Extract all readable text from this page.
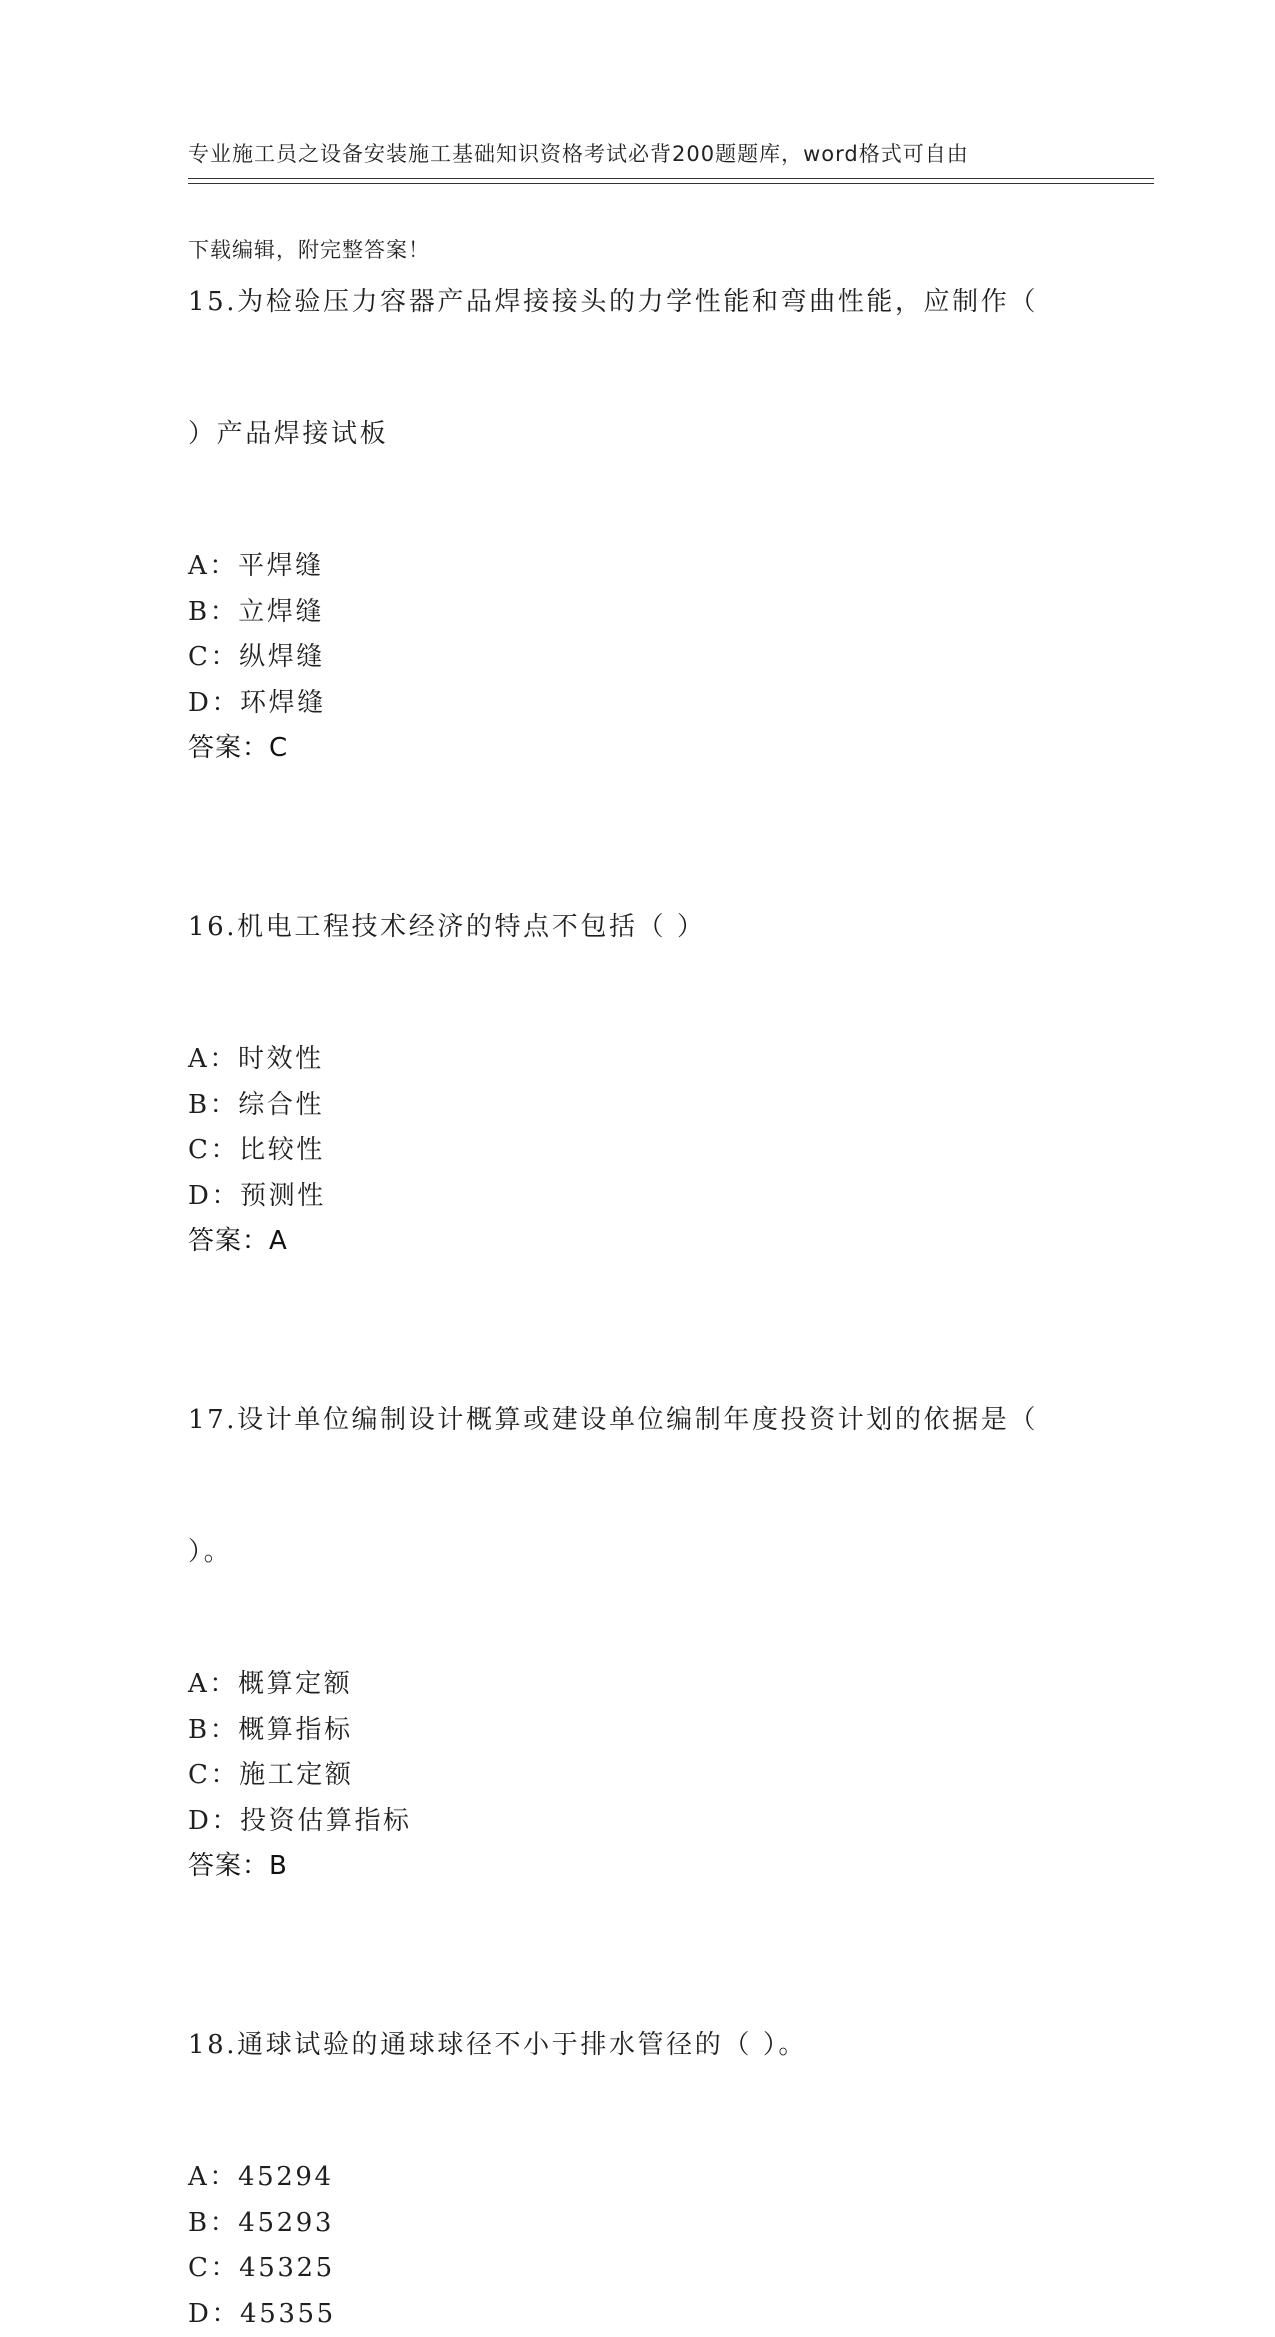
专业施工员之设备安装施工基础知识资格考试必背200题题库，word格式可自由

下载编辑，附完整答案！

15.为检验压力容器产品焊接接头的力学性能和弯曲性能，应制作（

）产品焊接试板

A：平焊缝
B：立焊缝
C：纵焊缝
D：环焊缝
答案：C

16.机电工程技术经济的特点不包括（ ）

A：时效性
B：综合性
C：比较性
D：预测性
答案：A

17.设计单位编制设计概算或建设单位编制年度投资计划的依据是（

）。

A：概算定额
B：概算指标
C：施工定额
D：投资估算指标
答案：B

18.通球试验的通球球径不小于排水管径的（ ）。

A：45294
B：45293
C：45325
D：45355
